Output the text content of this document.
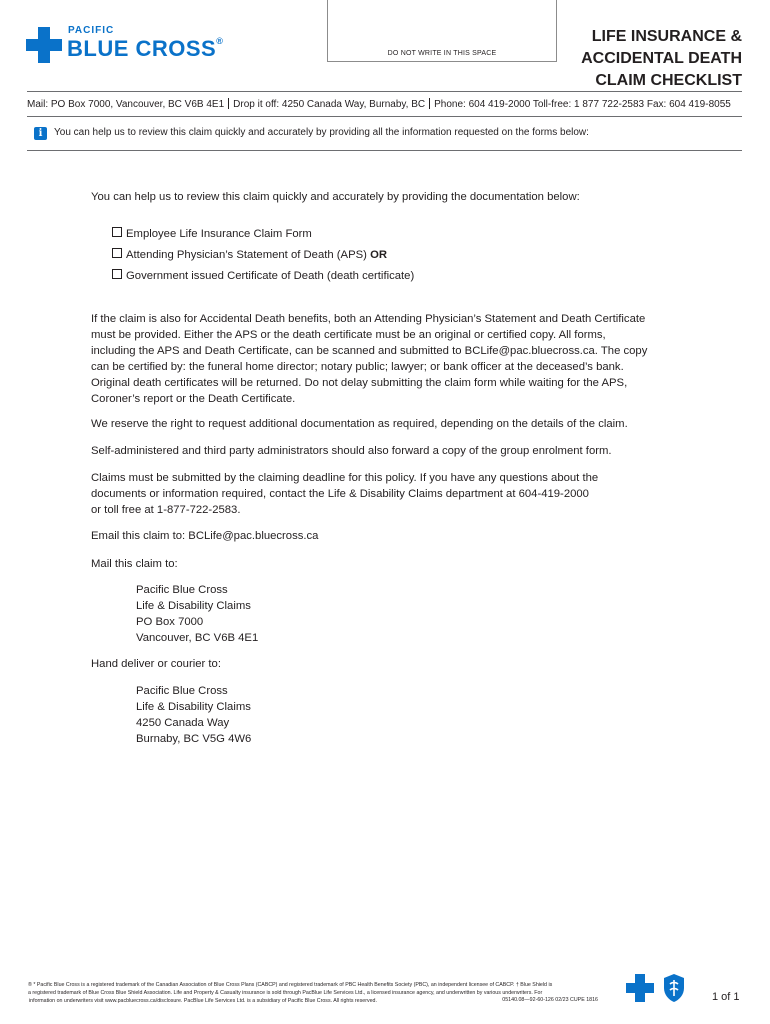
PACIFIC
BLUE CROSS®
DO NOT WRITE IN THIS SPACE
LIFE INSURANCE &
ACCIDENTAL DEATH
CLAIM CHECKLIST
Mail: PO Box 7000, Vancouver, BC V6B 4E1 Drop it off: 4250 Canada Way, Burnaby, BC Phone: 604 419-2000 Toll-free: 1 877 722-2583 Fax: 604 419-8055
i	You can help us to review this claim quickly and accurately by providing all the information requested on the forms below:
You can help us to review this claim quickly and accurately by providing the documentation below:
Employee Life Insurance Claim Form
Attending Physician’s Statement of Death (APS) OR
Government issued Certificate of Death (death certificate)
If the claim is also for Accidental Death benefits, both an Attending Physician’s Statement and Death Certificate
must be provided. Either the APS or the death certificate must be an original or certified copy. All forms,
including the APS and Death Certificate, can be scanned and submitted to BCLife@pac.bluecross.ca. The copy
can be certified by: the funeral home director; notary public; lawyer; or bank officer at the deceased’s bank.
Original death certificates will be returned. Do not delay submitting the claim form while waiting for the APS,
Coroner’s report or the Death Certificate.
We reserve the right to request additional documentation as required, depending on the details of the claim.
Self-administered and third party administrators should also forward a copy of the group enrolment form.
Claims must be submitted by the claiming deadline for this policy. If you have any questions about the
documents or information required, contact the Life & Disability Claims department at 604-419-2000
or toll free at 1-877-722-2583.
Email this claim to: BCLife@pac.bluecross.ca
Mail this claim to:
Pacific Blue Cross
Life & Disability Claims
PO Box 7000
Vancouver, BC V6B 4E1
Hand deliver or courier to:
Pacific Blue Cross
Life & Disability Claims
4250 Canada Way
Burnaby, BC V5G 4W6
® * Pacific Blue Cross is a registered trademark of the Canadian Association of Blue Cross Plans (CABCP) and registered trademark of PBC Health Benefits Society (PBC), an independent licensee of CABCP. † Blue Shield is
a registered trademark of Blue Cross Blue Shield Association. Life and Property & Casualty insurance is sold through PacBlue Life Services Ltd., a licensed insurance agency, and underwritten by various underwriters. For
information on underwriters visit www.pacbluecross.ca/disclosure. PacBlue Life Services Ltd. is a subsidiary of Pacific Blue Cross. All rights reserved.	05140.08—92-60-126 02/23 CUPE 1816	1 of 1
